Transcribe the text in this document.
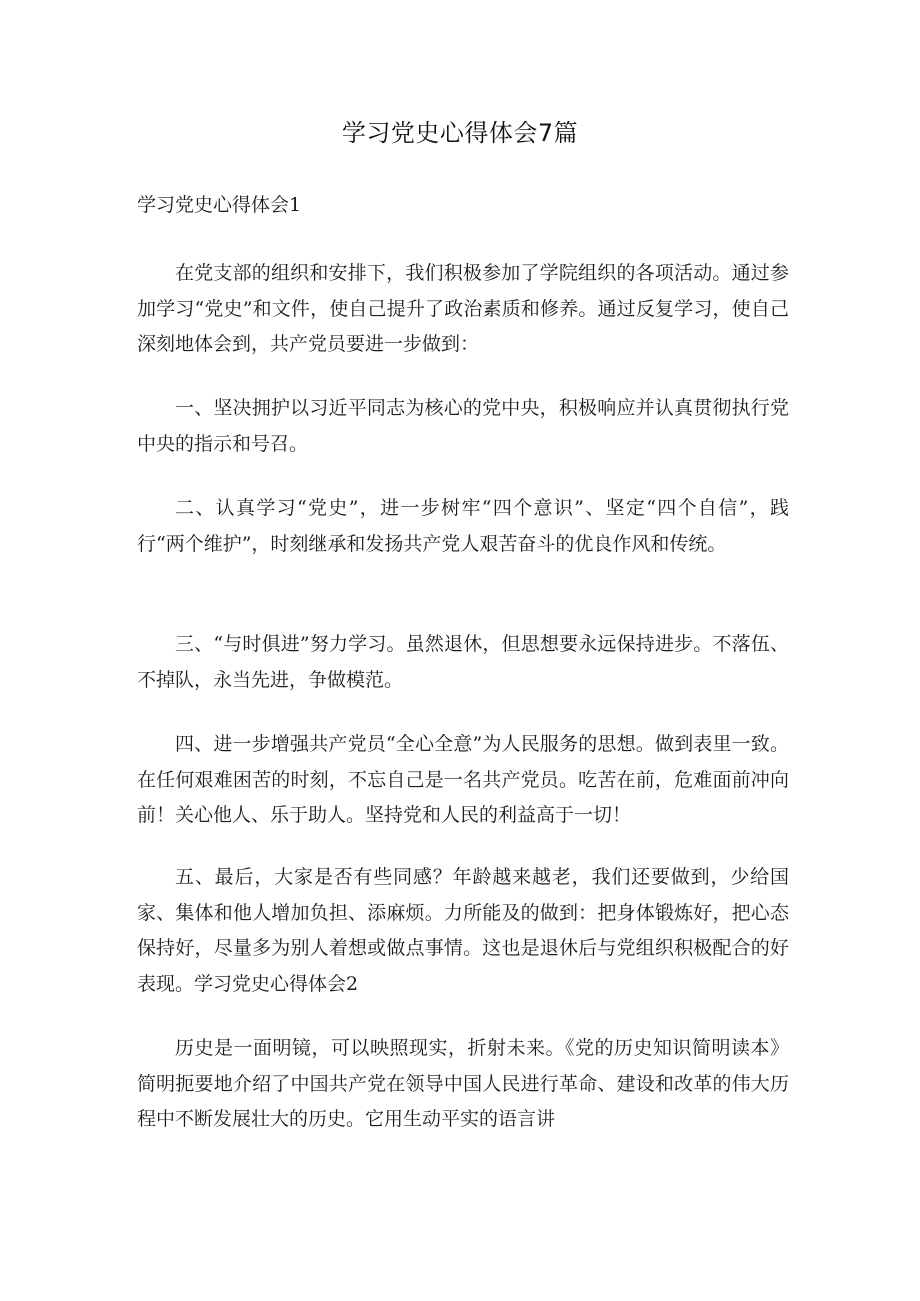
学习党史心得体会7篇
学习党史心得体会1

在党支部的组织和安排下，我们积极参加了学院组织的各项活动。通过参加学习“党史”和文件，使自己提升了政治素质和修养。通过反复学习，使自己深刻地体会到，共产党员要进一步做到：

一、坚决拥护以习近平同志为核心的党中央，积极响应并认真贯彻执行党中央的指示和号召。

二、认真学习“党史”，进一步树牢“四个意识”、坚定“四个自信”，践行“两个维护”，时刻继承和发扬共产党人艰苦奋斗的优良作风和传统。

三、“与时俱进”努力学习。虽然退休，但思想要永远保持进步。不落伍、不掉队，永当先进，争做模范。

四、进一步增强共产党员“全心全意”为人民服务的思想。做到表里一致。在任何艰难困苦的时刻，不忘自己是一名共产党员。吃苦在前，危难面前冲向前！关心他人、乐于助人。坚持党和人民的利益高于一切！

五、最后，大家是否有些同感？年龄越来越老，我们还要做到，少给国家、集体和他人增加负担、添麻烦。力所能及的做到：把身体锻炼好，把心态保持好，尽量多为别人着想或做点事情。这也是退休后与党组织积极配合的好表现。学习党史心得体会2

历史是一面明镜，可以映照现实，折射未来。《党的历史知识简明读本》简明扼要地介绍了中国共产党在领导中国人民进行革命、建设和改革的伟大历程中不断发展壮大的历史。它用生动平实的语言讲
